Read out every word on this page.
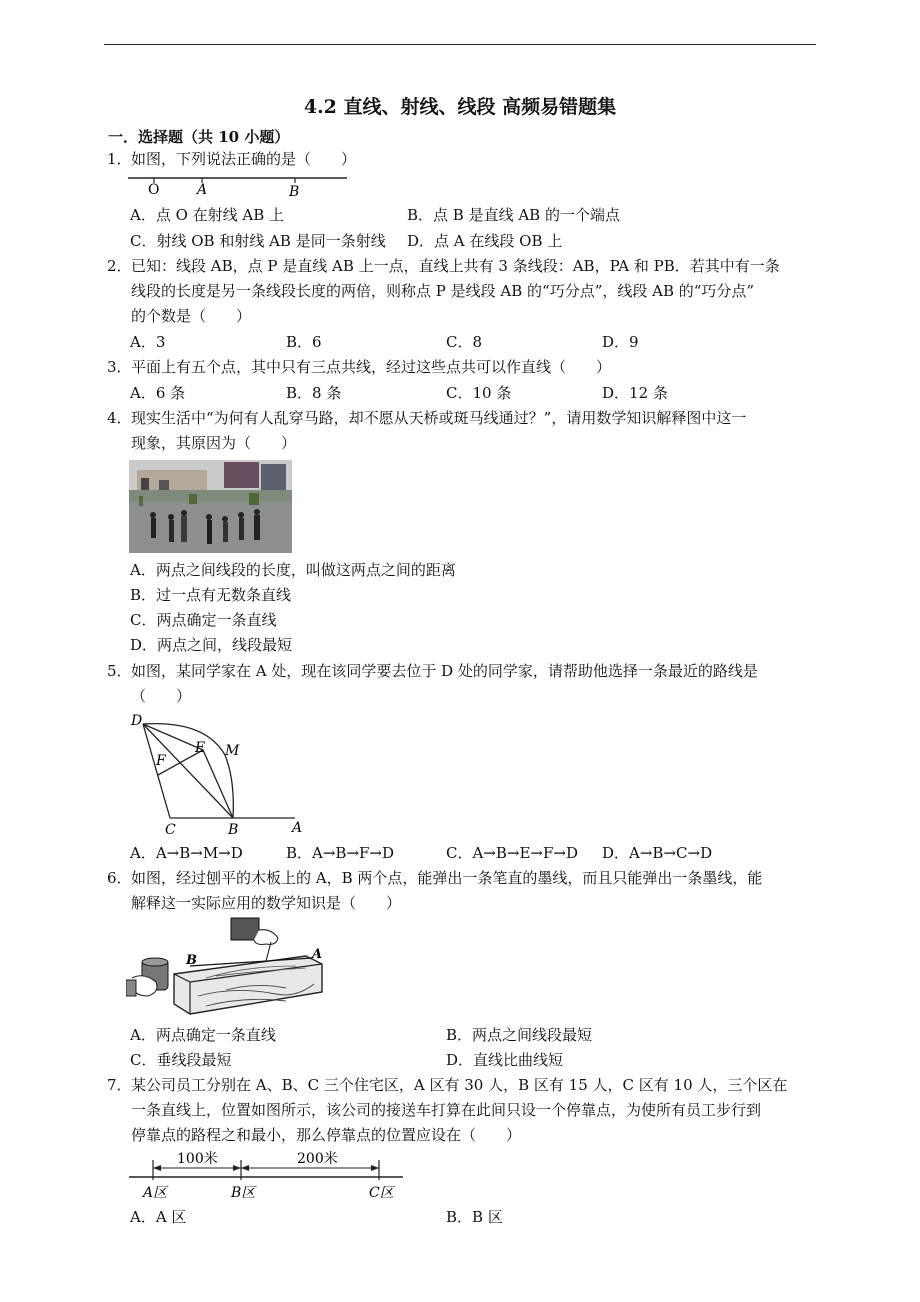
4.2 直线、射线、线段 高频易错题集
一．选择题（共 10 小题）
1． 如图，下列说法正确的是（　　）
O	A	B
A．点 O 在射线 AB 上	B．点 B 是直线 AB 的一个端点
C．射线 OB 和射线 AB 是同一条射线 D．点 A 在线段 OB 上
2． 已知：线段 AB，点 P 是直线 AB 上一点，直线上共有 3 条线段：AB，PA 和 PB．若其中有一条
线段的长度是另一条线段长度的两倍，则称点 P 是线段 AB 的“巧分点”，线段 AB 的“巧分点”
的个数是（　　）
A．3	B．6	C．8	D．9
3． 平面上有五个点，其中只有三点共线，经过这些点共可以作直线（　　）
A．6 条	B．8 条	C．10 条	D．12 条
4． 现实生活中“为何有人乱穿马路，却不愿从天桥或斑马线通过？”，请用数学知识解释图中这一
现象，其原因为（　　）
A．两点之间线段的长度，叫做这两点之间的距离
B．过一点有无数条直线
C．两点确定一条直线
D．两点之间，线段最短
5． 如图，某同学家在 A 处，现在该同学要去位于 D 处的同学家，请帮助他选择一条最近的路线是
（　　）
D
E M
F
C	B	A
A．A→B→M→D	B．A→B→F→D	C．A→B→E→F→D D．A→B→C→D
6． 如图，经过刨平的木板上的 A，B 两个点，能弹出一条笔直的墨线，而且只能弹出一条墨线，能
解释这一实际应用的数学知识是（　　）
B	A
A．两点确定一条直线	B．两点之间线段最短
C．垂线段最短	D．直线比曲线短
7． 某公司员工分别在 A、B、C 三个住宅区，A 区有 30 人，B 区有 15 人，C 区有 10 人，三个区在
一条直线上，位置如图所示，该公司的接送车打算在此间只设一个停靠点，为使所有员工步行到
停靠点的路程之和最小，那么停靠点的位置应设在（　　）
100米	200米
A区	B区	C区
A．A 区	B．B 区
